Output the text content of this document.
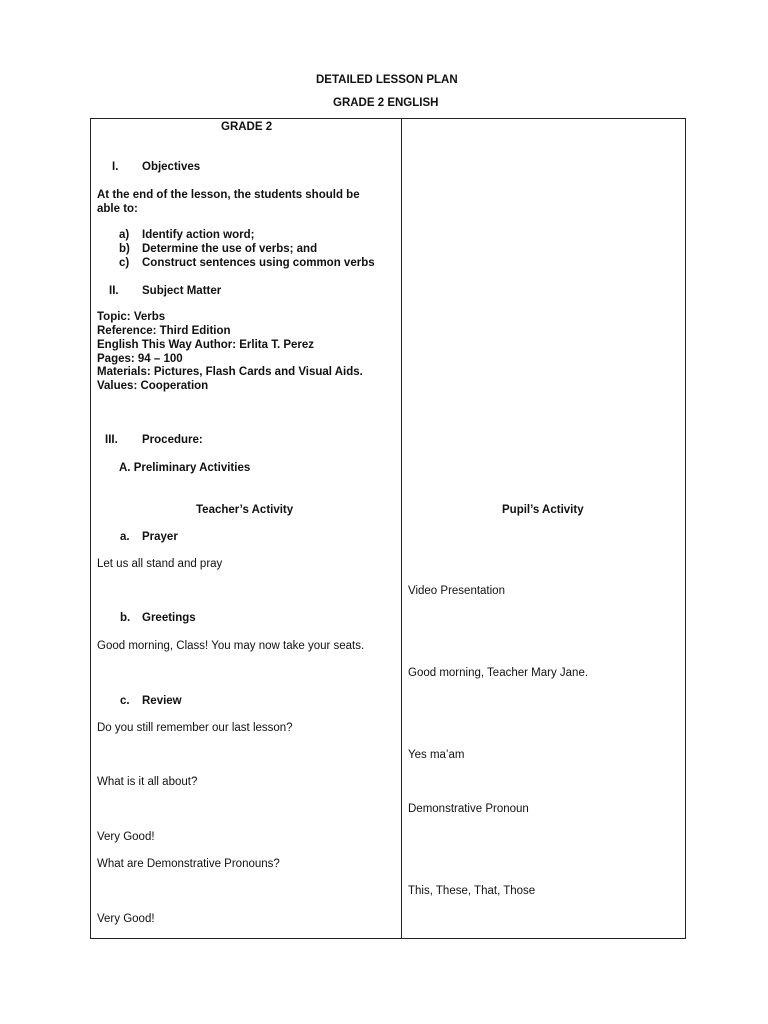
DETAILED LESSON PLAN
GRADE 2 ENGLISH
GRADE 2
I. Objectives
At the end of the lesson, the students should be
able to:
a) Identify action word;
b) Determine the use of verbs; and
c) Construct sentences using common verbs
II. Subject Matter
Topic: Verbs
Reference: Third Edition
English This Way Author: Erlita T. Perez
Pages: 94 – 100
Materials: Pictures, Flash Cards and Visual Aids.
Values: Cooperation
III. Procedure:
A. Preliminary Activities
Teacher’s Activity
a. Prayer
Let us all stand and pray
b. Greetings
Good morning, Class! You may now take your seats.
c. Review
Do you still remember our last lesson?
What is it all about?
Very Good!
What are Demonstrative Pronouns?
Very Good!
Pupil’s Activity
Video Presentation
Good morning, Teacher Mary Jane.
Yes ma’am
Demonstrative Pronoun
This, These, That, Those
